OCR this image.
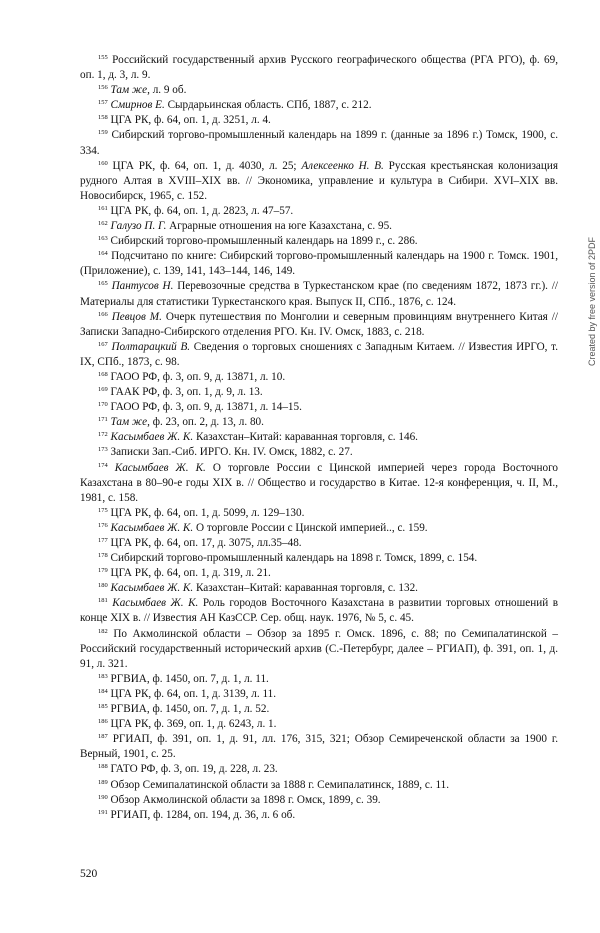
$^{155}$ Российский государственный архив Русского географического общества (РГА РГО), ф. 69, оп. 1, д. 3, л. 9.

$^{156}$ Там же, л. 9 об.

$^{157}$ Смирнов Е. Сырдарьинская область. СПб, 1887, с. 212.

$^{158}$ ЦГА РК, ф. 64, оп. 1, д. 3251, л. 4.

$^{159}$ Сибирский торгово-промышленный календарь на 1899 г. (данные за 1896 г.) Томск, 1900, с. 334.

$^{160}$ ЦГА РК, ф. 64, оп. 1, д. 4030, л. 25; Алексеенко Н. В. Русская крестьянская колонизация рудного Алтая в XVIII–XIX вв. // Экономика, управление и культура в Сибири. XVI–XIX вв. Новосибирск, 1965, с. 152.

$^{161}$ ЦГА РК, ф. 64, оп. 1, д. 2823, л. 47–57.

$^{162}$ Галузо П. Г. Аграрные отношения на юге Казахстана, с. 95.

$^{163}$ Сибирский торгово-промышленный календарь на 1899 г., с. 286.

$^{164}$ Подсчитано по книге: Сибирский торгово-промышленный календарь на 1900 г. Томск. 1901, (Приложение), с. 139, 141, 143–144, 146, 149.

$^{165}$ Пантусов Н. Перевозочные средства в Туркестанском крае (по сведениям 1872, 1873 гг.). // Материалы для статистики Туркестанского края. Выпуск II, СПб., 1876, с. 124.

$^{166}$ Певцов М. Очерк путешествия по Монголии и северным провинциям внутреннего Китая // Записки Западно-Сибирского отделения РГО. Кн. IV. Омск, 1883, с. 218.

$^{167}$ Полтарацкий В. Сведения о торговых сношениях с Западным Китаем. // Известия ИРГО, т. IX, СПб., 1873, с. 98.

$^{168}$ ГАОО РФ, ф. 3, оп. 9, д. 13871, л. 10.

$^{169}$ ГААК РФ, ф. 3, оп. 1, д. 9, л. 13.

$^{170}$ ГАОО РФ, ф. 3, оп. 9, д. 13871, л. 14–15.

$^{171}$ Там же, ф. 23, оп. 2, д. 13, л. 80.

$^{172}$ Касымбаев Ж. К. Казахстан–Китай: караванная торговля, с. 146.

$^{173}$ Записки Зап.-Сиб. ИРГО. Кн. IV. Омск, 1882, с. 27.

$^{174}$ Касымбаев Ж. К. О торговле России с Цинской империей через города Восточного Казахстана в 80–90-е годы XIX в. // Общество и государство в Китае. 12-я конференция, ч. II, М., 1981, с. 158.

$^{175}$ ЦГА РК, ф. 64, оп. 1, д. 5099, л. 129–130.

$^{176}$ Касымбаев Ж. К. О торговле России с Цинской империей.., с. 159.

$^{177}$ ЦГА РК, ф. 64, оп. 17, д. 3075, лл.35–48.

$^{178}$ Сибирский торгово-промышленный календарь на 1898 г. Томск, 1899, с. 154.

$^{179}$ ЦГА РК, ф. 64, оп. 1, д. 319, л. 21.

$^{180}$ Касымбаев Ж. К. Казахстан–Китай: караванная торговля, с. 132.

$^{181}$ Касымбаев Ж. К. Роль городов Восточного Казахстана в развитии торговых отношений в конце XIX в. // Известия АН КазССР. Сер. общ. наук. 1976, № 5, с. 45.

$^{182}$ По Акмолинской области – Обзор за 1895 г. Омск. 1896, с. 88; по Семипалатинской – Российский государственный исторический архив (С.-Петербург, далее – РГИАП), ф. 391, оп. 1, д. 91, л. 321.

$^{183}$ РГВИА, ф. 1450, оп. 7, д. 1, л. 11.

$^{184}$ ЦГА РК, ф. 64, оп. 1, д. 3139, л. 11.

$^{185}$ РГВИА, ф. 1450, оп. 7, д. 1, л. 52.

$^{186}$ ЦГА РК, ф. 369, оп. 1, д. 6243, л. 1.

$^{187}$ РГИАП, ф. 391, оп. 1, д. 91, лл. 176, 315, 321; Обзор Семиреченской области за 1900 г. Верный, 1901, с. 25.

$^{188}$ ГАТО РФ, ф. 3, оп. 19, д. 228, л. 23.

$^{189}$ Обзор Семипалатинской области за 1888 г. Семипалатинск, 1889, с. 11.

$^{190}$ Обзор Акмолинской области за 1898 г. Омск, 1899, с. 39.

$^{191}$ РГИАП, ф. 1284, оп. 194, д. 36, л. 6 об.

520
Created by free version of 2PDF
